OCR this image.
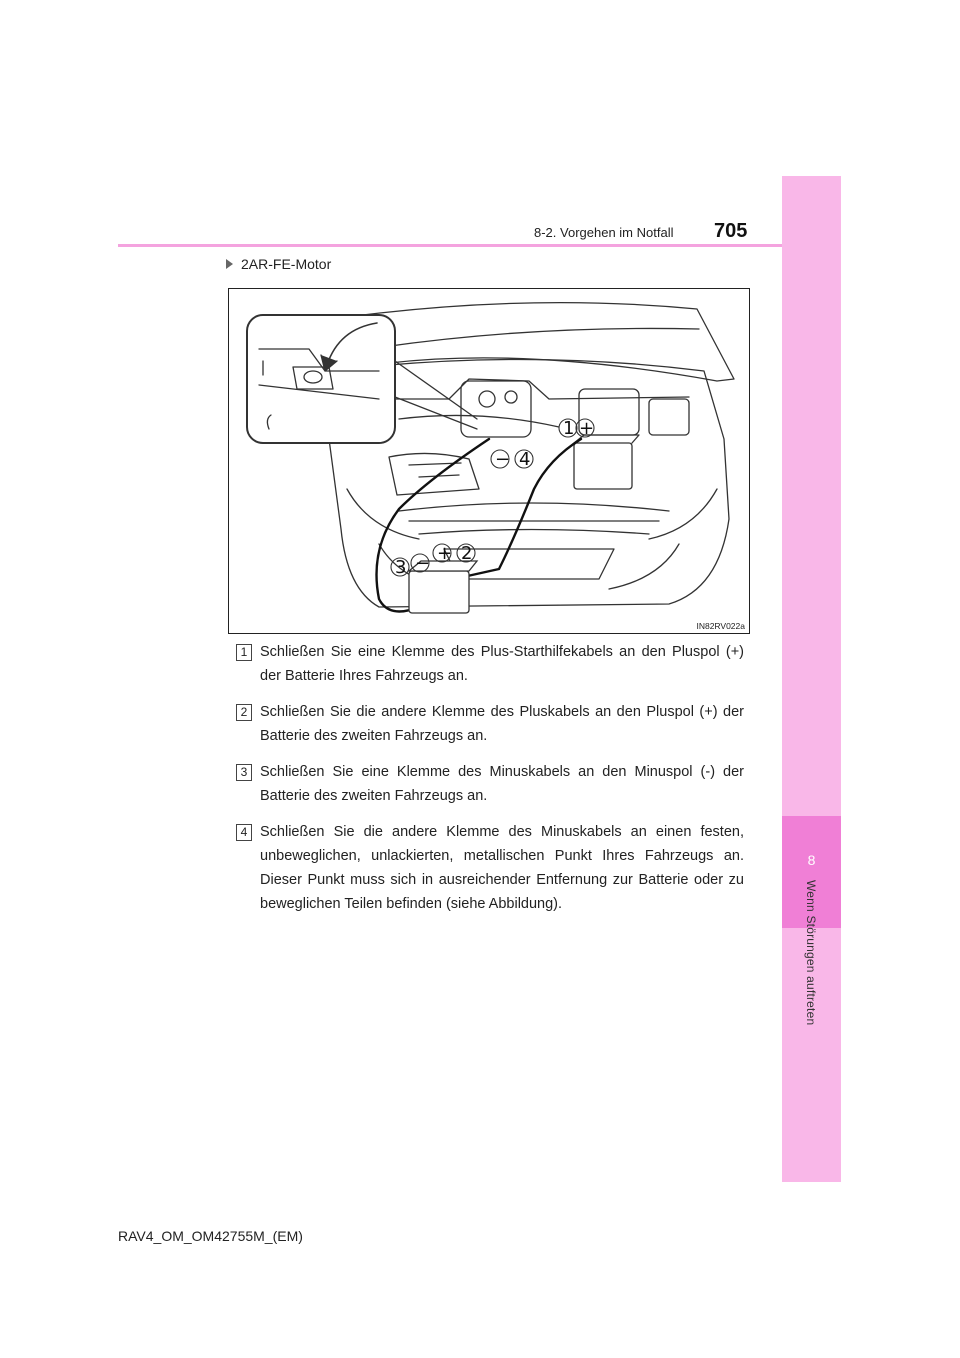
8
Wenn Störungen auftreten
8-2. Vorgehen im Notfall 705
2AR-FE-Motor
− 4
1 +
3 − + 2
IN82RV022a
1 Schließen Sie eine Klemme des Plus-Starthilfekabels an den Pluspol (+) der Batterie Ihres Fahrzeugs an.
2 Schließen Sie die andere Klemme des Pluskabels an den Pluspol (+) der Batterie des zweiten Fahrzeugs an.
3 Schließen Sie eine Klemme des Minuskabels an den Minuspol (-) der Batterie des zweiten Fahrzeugs an.
4 Schließen Sie die andere Klemme des Minuskabels an einen festen, unbeweglichen, unlackierten, metallischen Punkt Ihres Fahrzeugs an. Dieser Punkt muss sich in ausreichender Entfernung zur Batterie oder zu beweglichen Teilen befinden (siehe Abbildung).
RAV4_OM_OM42755M_(EM)
